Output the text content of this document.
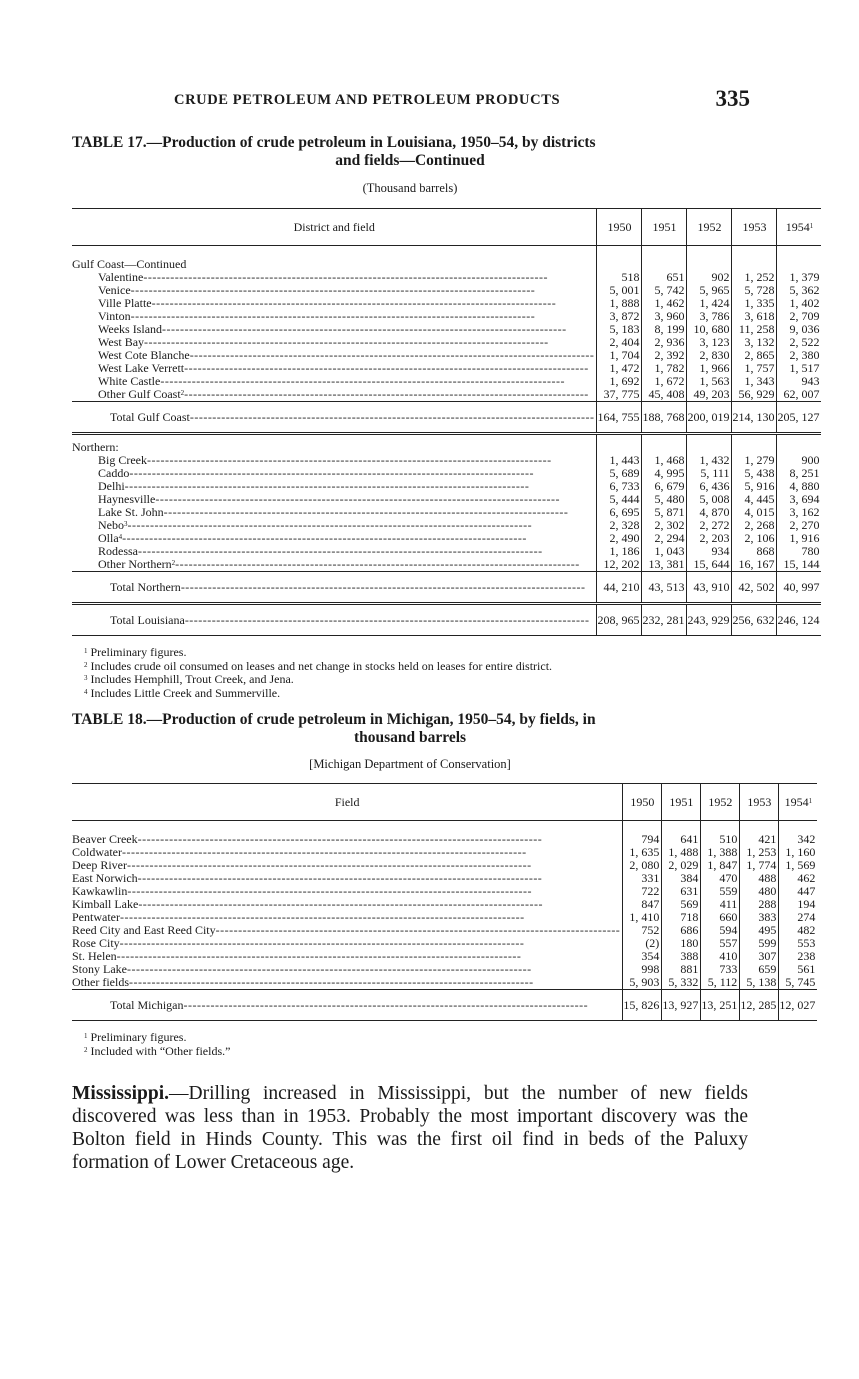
CRUDE PETROLEUM AND PETROLEUM PRODUCTS	335
TABLE 17.—Production of crude petroleum in Louisiana, 1950–54, by districts
and fields—Continued
(Thousand barrels)
District and field	1950	1951	1952	1953	1954$^1$

Gulf Coast—Continued					

Valentine -----	518	651	902	1, 252	1, 379

Venice -----	5, 001	5, 742	5, 965	5, 728	5, 362

Ville Platte -----	1, 888	1, 462	1, 424	1, 335	1, 402

Vinton -----	3, 872	3, 960	3, 786	3, 618	2, 709

Weeks Island -----	5, 183	8, 199	10, 680	11, 258	9, 036

West Bay -----	2, 404	2, 936	3, 123	3, 132	2, 522

West Cote Blanche -----	1, 704	2, 392	2, 830	2, 865	2, 380

West Lake Verrett -----	1, 472	1, 782	1, 966	1, 757	1, 517

White Castle -----	1, 692	1, 672	1, 563	1, 343	943

Other Gulf Coast$^2$ -----	37, 775	45, 408	49, 203	56, 929	62, 007

Total Gulf Coast -----	164, 755	188, 768	200, 019	214, 130	205, 127
Northern:					

Big Creek -----	1, 443	1, 468	1, 432	1, 279	900

Caddo -----	5, 689	4, 995	5, 111	5, 438	8, 251

Delhi -----	6, 733	6, 679	6, 436	5, 916	4, 880

Haynesville -----	5, 444	5, 480	5, 008	4, 445	3, 694

Lake St. John -----	6, 695	5, 871	4, 870	4, 015	3, 162

Nebo$^3$ -----	2, 328	2, 302	2, 272	2, 268	2, 270

Olla$^4$ -----	2, 490	2, 294	2, 203	2, 106	1, 916

Rodessa -----	1, 186	1, 043	934	868	780

Other Northern$^2$ -----	12, 202	13, 381	15, 644	16, 167	15, 144

Total Northern -----	44, 210	43, 513	43, 910	42, 502	40, 997

Total Louisiana -----	208, 965	232, 281	243, 929	256, 632	246, 124
$^1$ Preliminary figures.
$^2$ Includes crude oil consumed on leases and net change in stocks held on leases for entire district.
$^3$ Includes Hemphill, Trout Creek, and Jena.
$^4$ Includes Little Creek and Summerville.
TABLE 18.—Production of crude petroleum in Michigan, 1950–54, by fields, in
thousand barrels
[Michigan Department of Conservation]
Field	1950	1951	1952	1953	1954$^1$

Beaver Creek -----	794	641	510	421	342

Coldwater -----	1, 635	1, 488	1, 388	1, 253	1, 160

Deep River -----	2, 080	2, 029	1, 847	1, 774	1, 569

East Norwich -----	331	384	470	488	462

Kawkawlin -----	722	631	559	480	447

Kimball Lake -----	847	569	411	288	194

Pentwater -----	1, 410	718	660	383	274

Reed City and East Reed City -----	752	686	594	495	482

Rose City -----	(2)	180	557	599	553

St. Helen -----	354	388	410	307	238

Stony Lake -----	998	881	733	659	561

Other fields -----	5, 903	5, 332	5, 112	5, 138	5, 745

Total Michigan -----	15, 826	13, 927	13, 251	12, 285	12, 027
$^1$ Preliminary figures.
$^2$ Included with “Other fields.”

Mississippi.—Drilling increased in Mississippi, but the number of new fields discovered was less than in 1953. Probably the most important discovery was the Bolton field in Hinds County. This was the first oil find in beds of the Paluxy formation of Lower Cretaceous age.
